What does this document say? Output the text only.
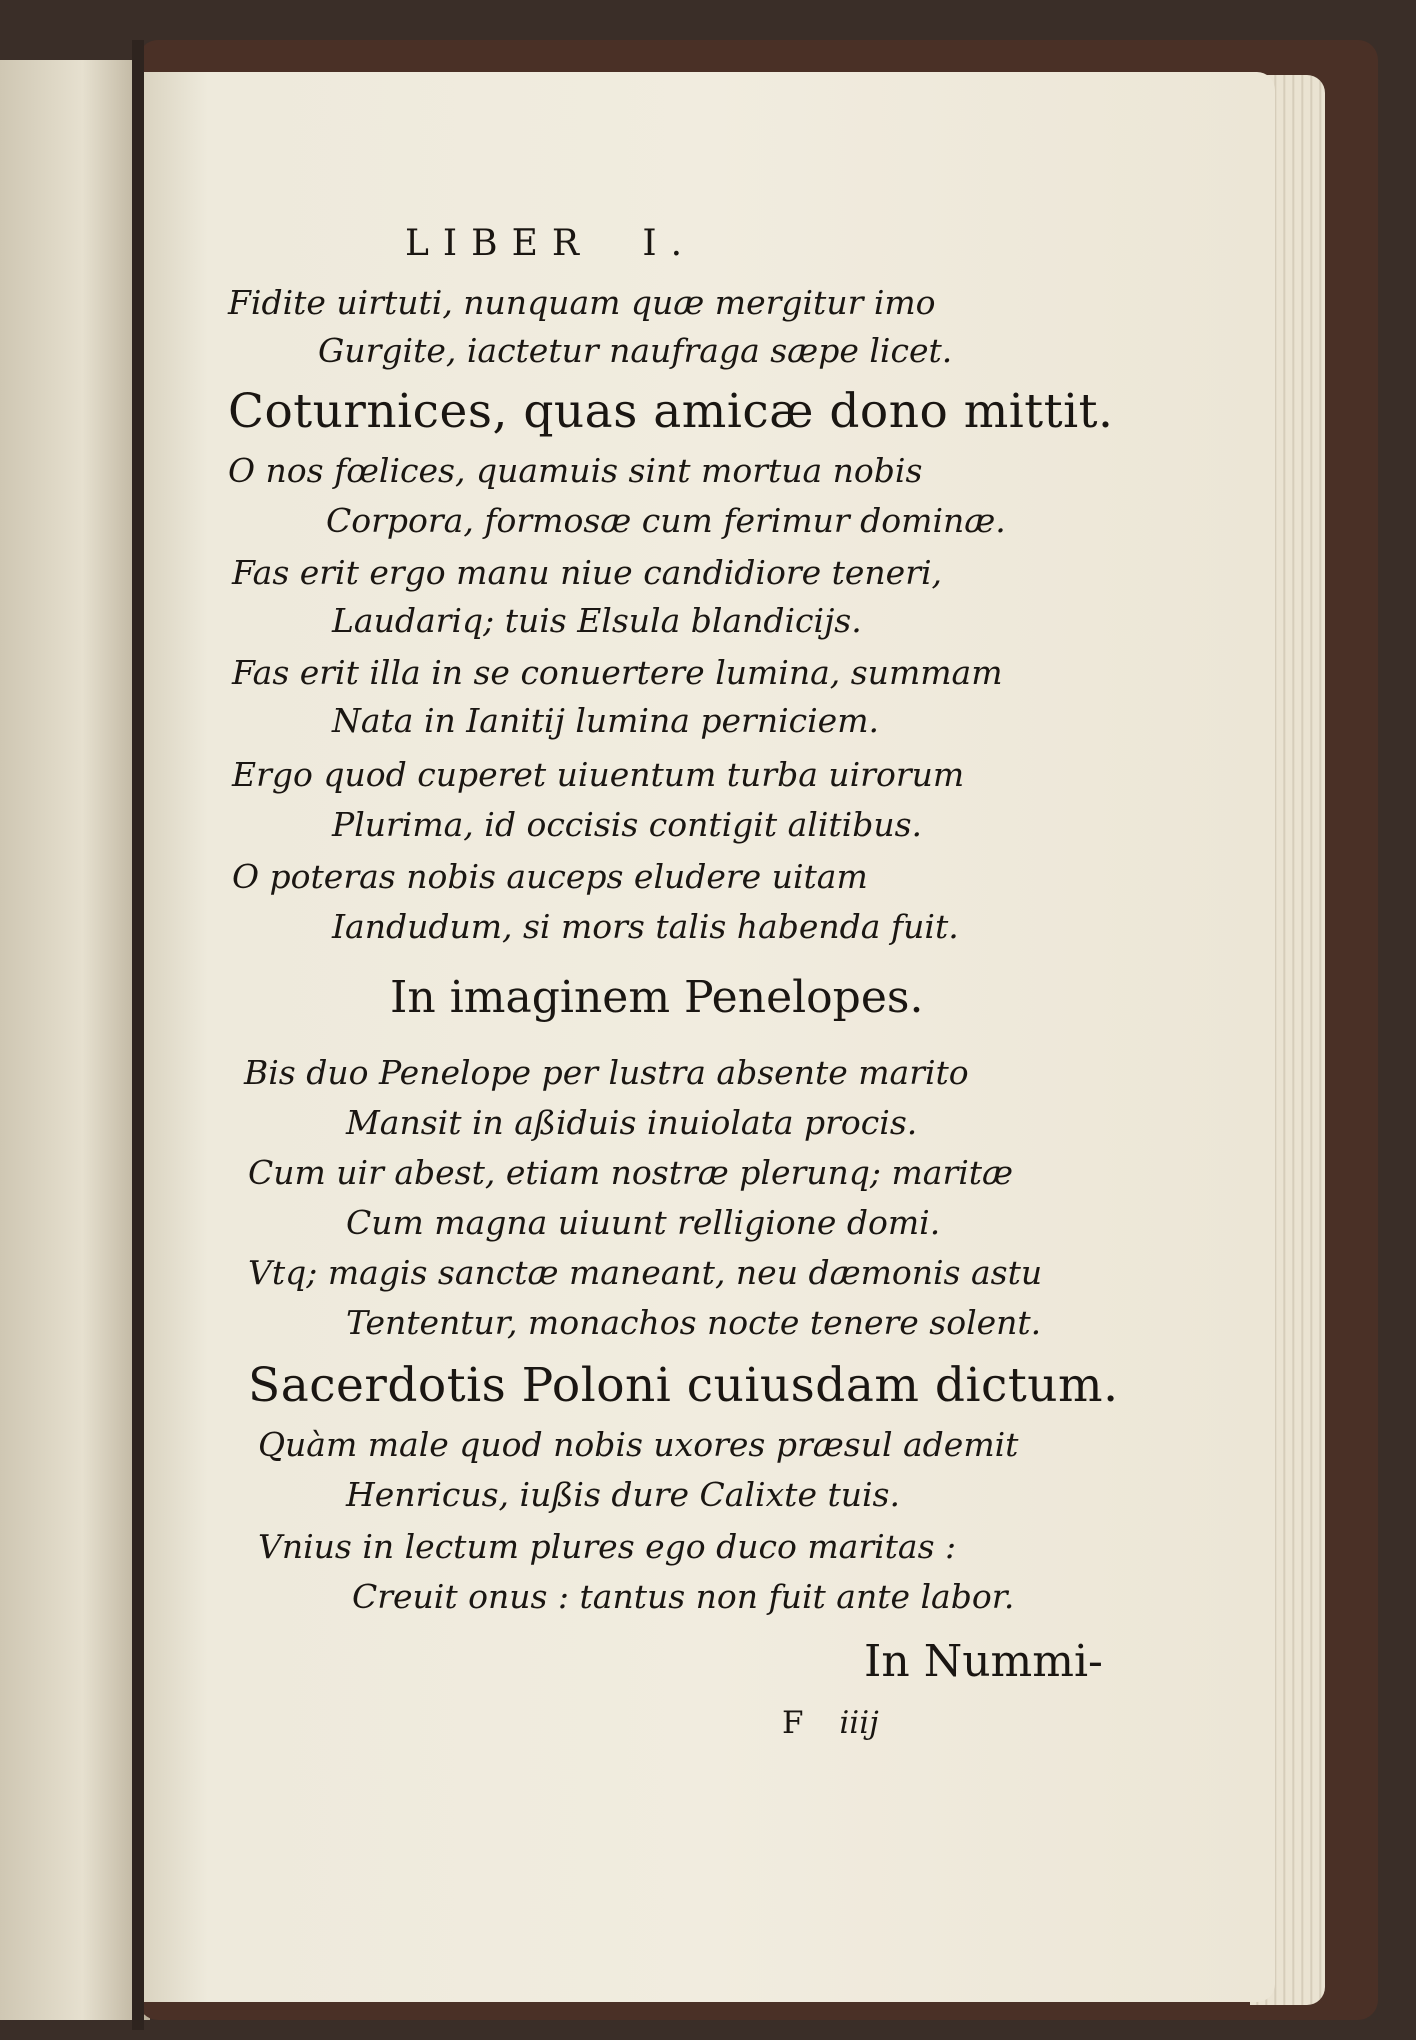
LIBER I.
Fidite uirtuti, nunquam quæ mergitur imo
Gurgite, iactetur naufraga sæpe licet.
Coturnices, quas amicæ dono mittit.
O nos fœlices, quamuis sint mortua nobis
Corpora, formosæ cum ferimur dominæ.
Fas erit ergo manu niue candidiore teneri,
Laudariq; tuis Elsula blandicijs.
Fas erit illa in se conuertere lumina, summam
Nata in Ianitij lumina perniciem.
Ergo quod cuperet uiuentum turba uirorum
Plurima, id occisis contigit alitibus.
O poteras nobis auceps eludere uitam
Iandudum, si mors talis habenda fuit.
In imaginem Penelopes.
Bis duo Penelope per lustra absente marito
Mansit in aßiduis inuiolata procis.
Cum uir abest, etiam nostræ plerunq; maritæ
Cum magna uiuunt relligione domi.
Vtq; magis sanctæ maneant, neu dæmonis astu
Tententur, monachos nocte tenere solent.
Sacerdotis Poloni cuiusdam dictum.
Quàm male quod nobis uxores præsul ademit
Henricus, iußis dure Calixte tuis.
Vnius in lectum plures ego duco maritas :
Creuit onus : tantus non fuit ante labor.
In Nummi-
F iiij
